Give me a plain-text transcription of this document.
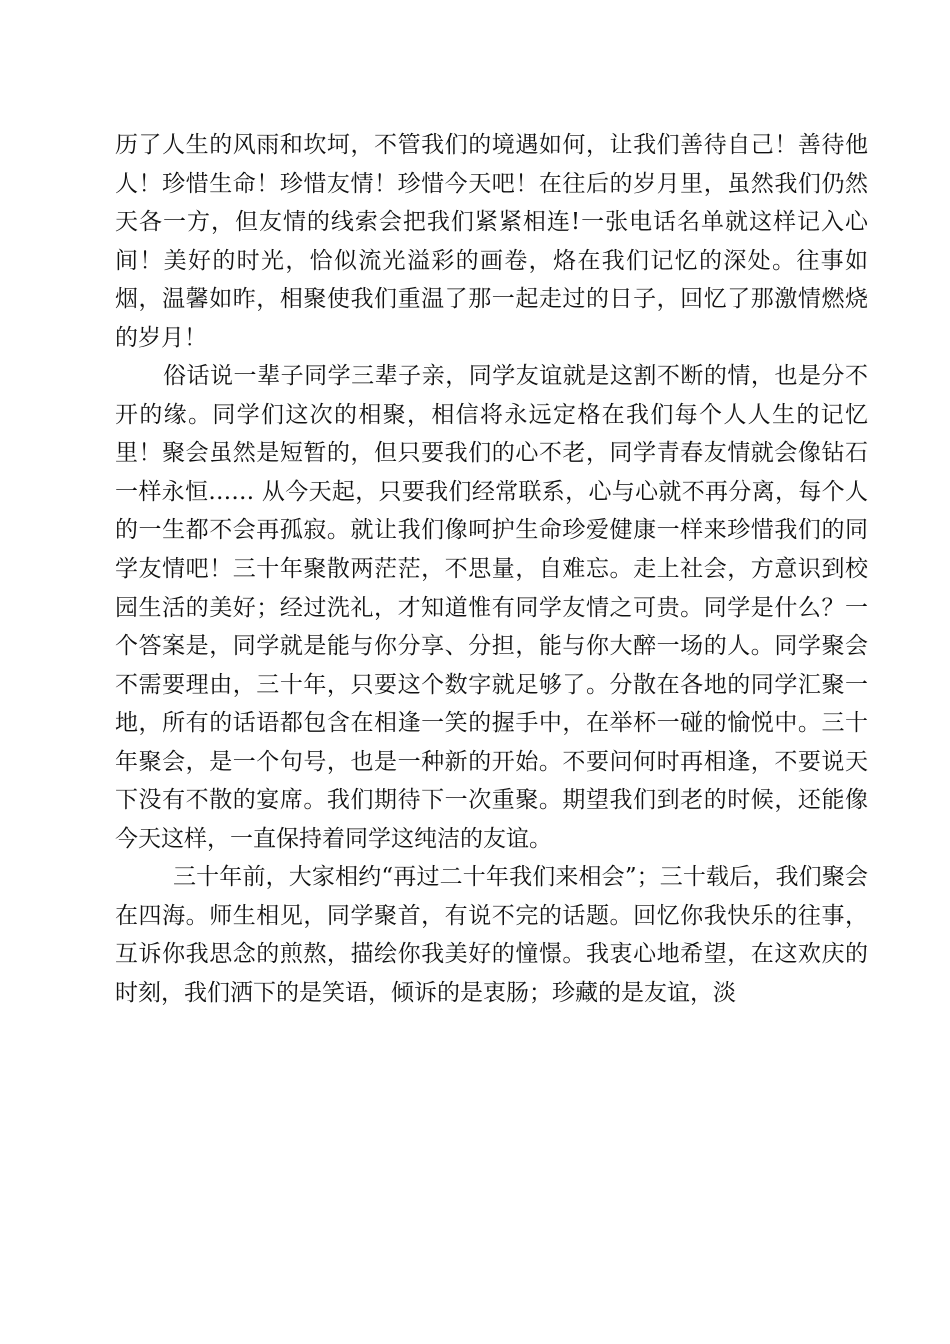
历了人生的风雨和坎坷，不管我们的境遇如何，让我们善待自己！善待他人！珍惜生命！珍惜友情！珍惜今天吧！在往后的岁月里，虽然我们仍然天各一方，但友情的线索会把我们紧紧相连!一张电话名单就这样记入心间！美好的时光，恰似流光溢彩的画卷，烙在我们记忆的深处。往事如烟，温馨如昨，相聚使我们重温了那一起走过的日子，回忆了那激情燃烧的岁月！

俗话说一辈子同学三辈子亲，同学友谊就是这割不断的情，也是分不开的缘。同学们这次的相聚，相信将永远定格在我们每个人人生的记忆里！聚会虽然是短暂的，但只要我们的心不老，同学青春友情就会像钻石一样永恒…… 从今天起，只要我们经常联系，心与心就不再分离，每个人的一生都不会再孤寂。就让我们像呵护生命珍爱健康一样来珍惜我们的同学友情吧！三十年聚散两茫茫，不思量，自难忘。走上社会，方意识到校园生活的美好；经过洗礼，才知道惟有同学友情之可贵。同学是什么？一个答案是，同学就是能与你分享、分担，能与你大醉一场的人。同学聚会不需要理由，三十年，只要这个数字就足够了。分散在各地的同学汇聚一地，所有的话语都包含在相逢一笑的握手中，在举杯一碰的愉悦中。三十年聚会，是一个句号，也是一种新的开始。不要问何时再相逢，不要说天下没有不散的宴席。我们期待下一次重聚。期望我们到老的时候，还能像今天这样，一直保持着同学这纯洁的友谊。

三十年前，大家相约“再过二十年我们来相会”；三十载后，我们聚会在四海。师生相见，同学聚首，有说不完的话题。回忆你我快乐的往事，互诉你我思念的煎熬，描绘你我美好的憧憬。我衷心地希望，在这欢庆的时刻，我们洒下的是笑语，倾诉的是衷肠；珍藏的是友谊，淡
